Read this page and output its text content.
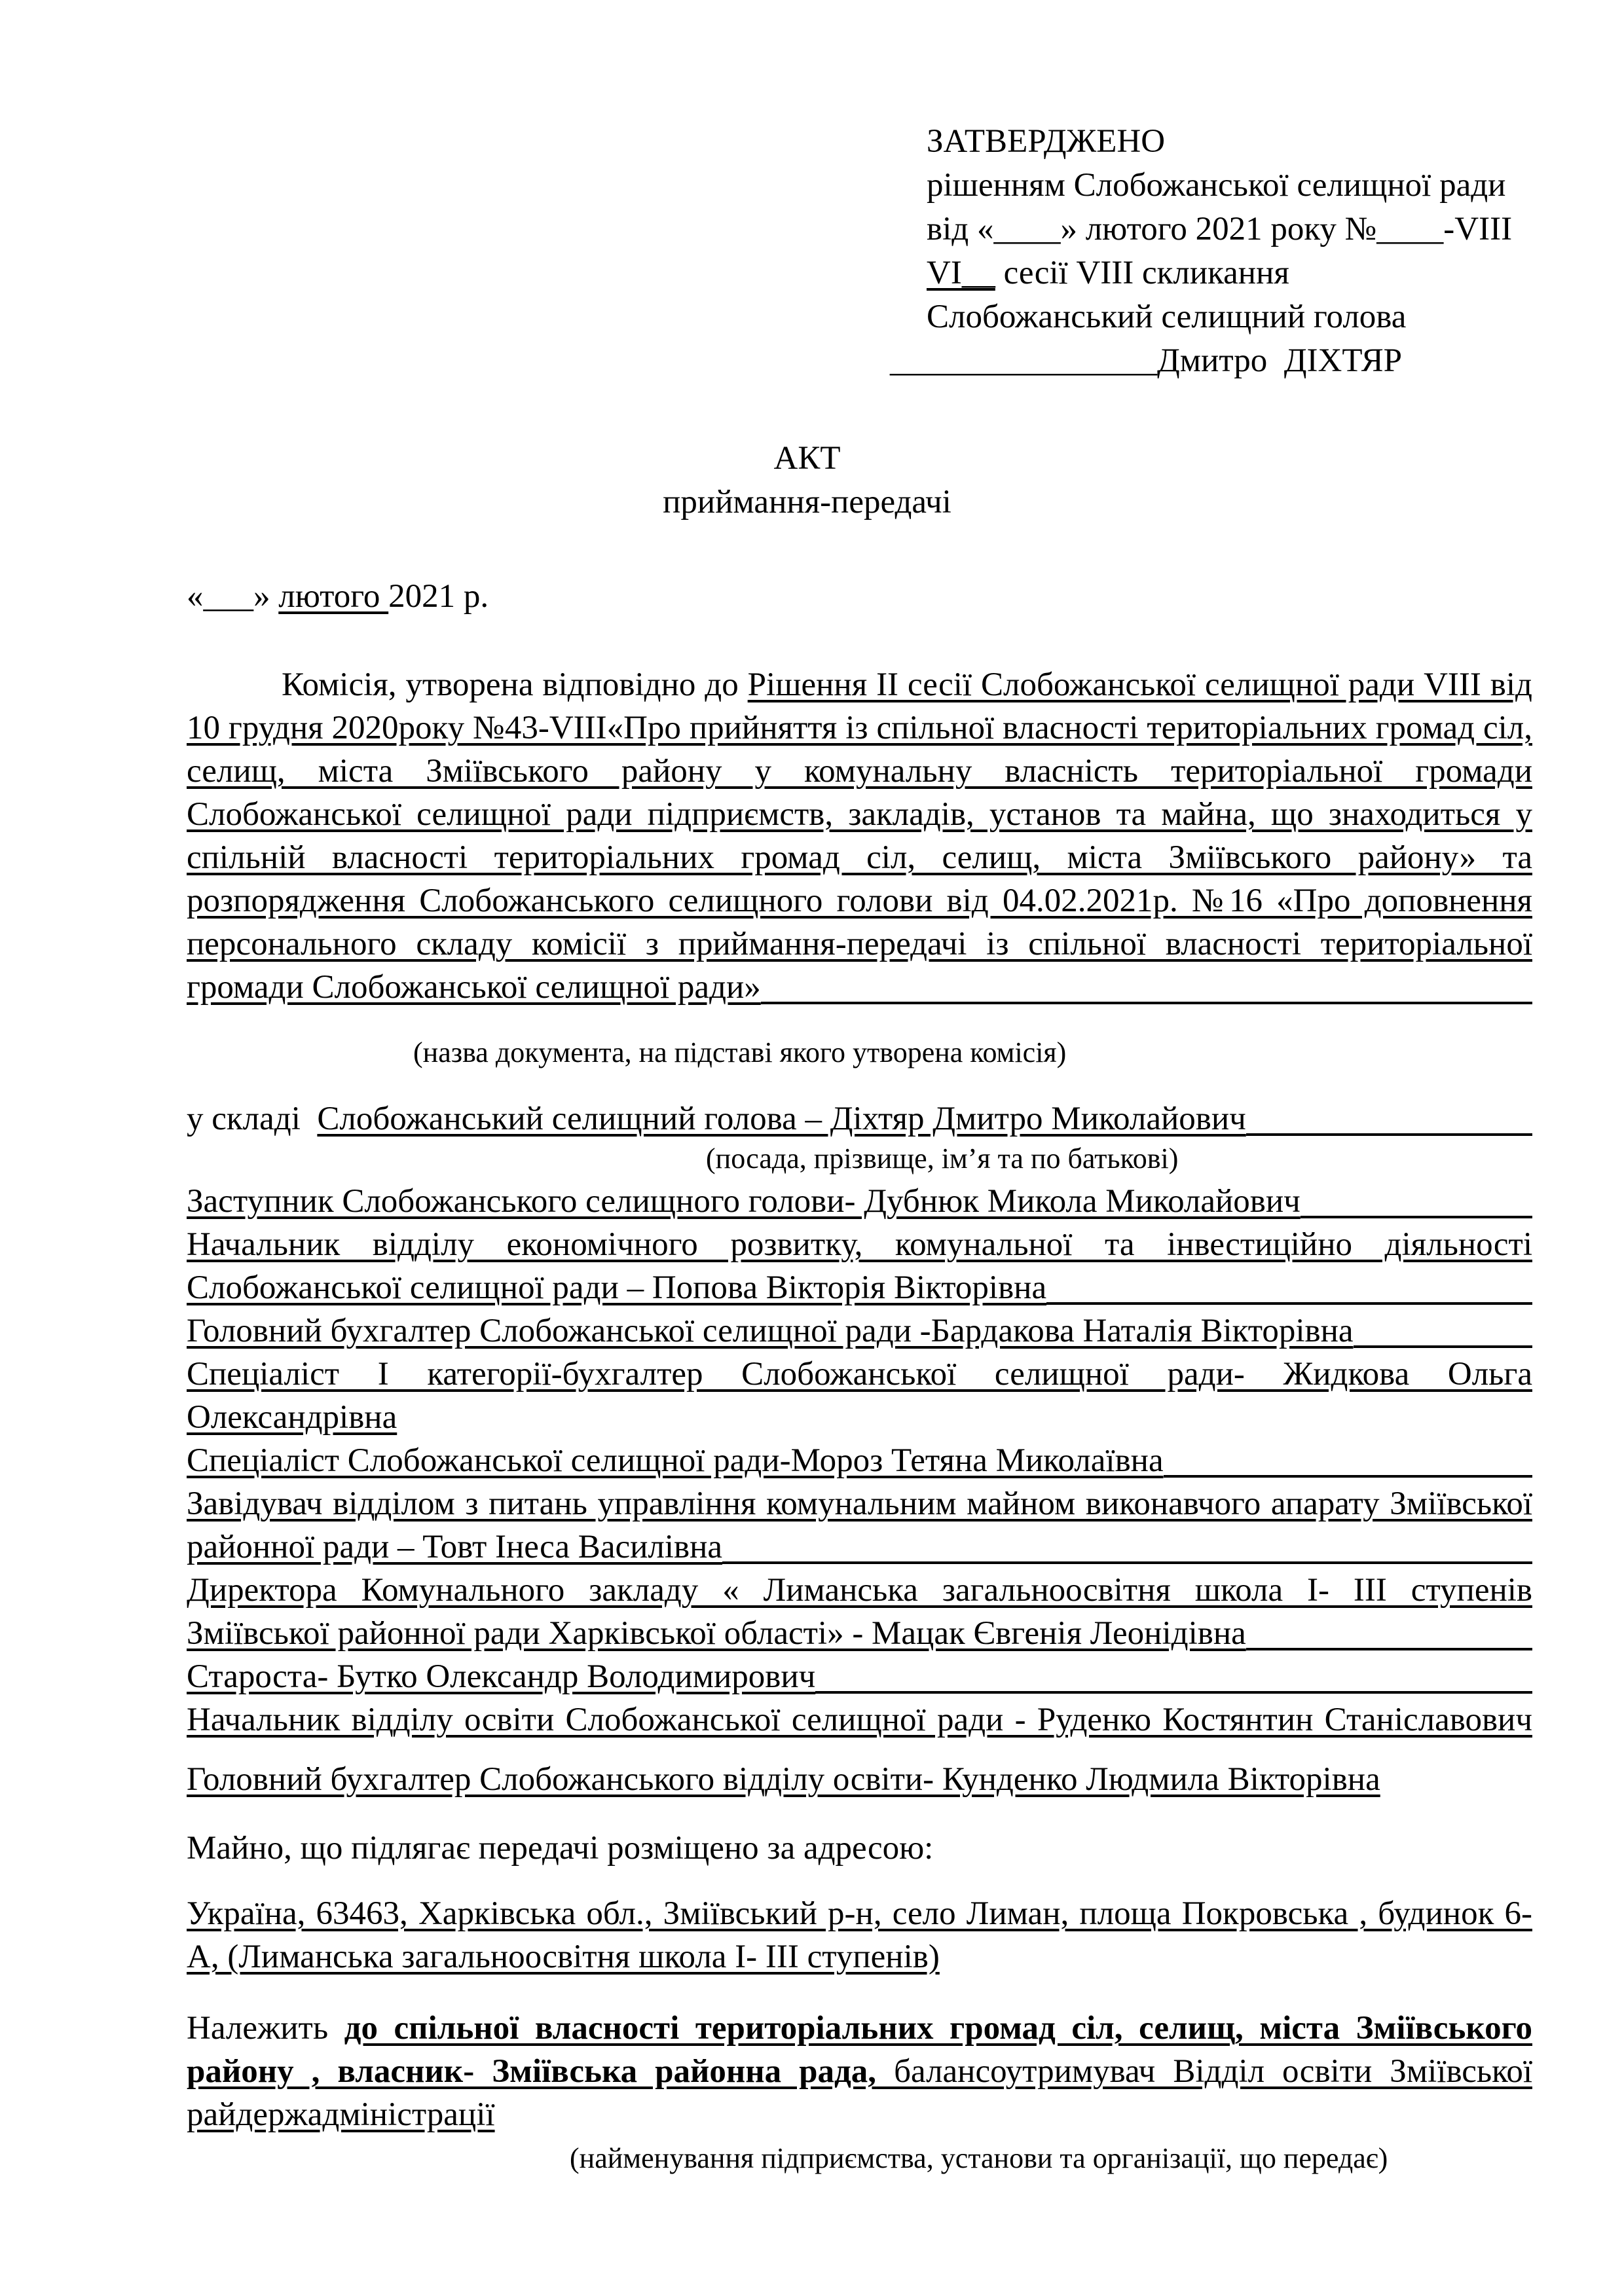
ЗАТВЕРДЖЕНО
рішенням Слобожанської селищної ради
від «____» лютого 2021 року №____-VIII
VI__ сесії VIII скликання
Слобожанський селищний голова
________________Дмитро  ДІХТЯР
АКТ
приймання-передачі
«___» лютого 2021 р.
Комісія, утворена відповідно до Рішення II сесії Слобожанської селищної ради VIII від
10 грудня 2020року №43-VIII«Про прийняття із спільної власності територіальних громад сіл,
селищ, міста Зміївського району у комунальну власність територіальної громади
Слобожанської селищної ради підприємств, закладів, установ та майна, що знаходиться у
спільній власності територіальних громад сіл, селищ, міста Зміївського району» та
розпорядження Слобожанського селищного голови від 04.02.2021р. №16 «Про доповнення
персонального складу комісії з приймання-передачі із спільної власності територіальної
громади Слобожанської селищної ради»
(назва документа, на підставі якого утворена комісія)
у складі Слобожанський селищний голова – Діхтяр Дмитро Миколайович
(посада, прізвище, ім’я та по батькові)
Заступник Слобожанського селищного голови- Дубнюк Микола Миколайович
Начальник відділу економічного розвитку, комунальної та інвестиційно діяльності
Слобожанської селищної ради – Попова Вікторія Вікторівна
Головний бухгалтер Слобожанської селищної ради -Бардакова Наталія Вікторівна
Спеціаліст I категорії-бухгалтер Слобожанської селищної ради- Жидкова Ольга
Олександрівна
Спеціаліст Слобожанської селищної ради-Мороз Тетяна Миколаївна
Завідувач відділом з питань управління комунальним майном виконавчого апарату Зміївської
районної ради – Товт Інеса Василівна
Директора Комунального закладу « Лиманська загальноосвітня школа I- III ступенів
Зміївської районної ради Харківської області» - Мацак Євгенія Леонідівна
Староста- Бутко Олександр Володимирович
Начальник відділу освіти Слобожанської селищної ради - Руденко Костянтин Станіславович
Головний бухгалтер Слобожанського відділу освіти- Кунденко Людмила Вікторівна
Майно, що підлягає передачі розміщено за адресою:
Україна, 63463, Харківська обл., Зміївський р-н, село Лиман, площа Покровська , будинок 6-
А, (Лиманська загальноосвітня школа I- III ступенів)
Належить до спільної власності територіальних громад сіл, селищ, міста Зміївського
району , власник- Зміївська районна рада, балансоутримувач Відділ освіти Зміївської
райдержадміністрації
(найменування підприємства, установи та організації, що передає)
